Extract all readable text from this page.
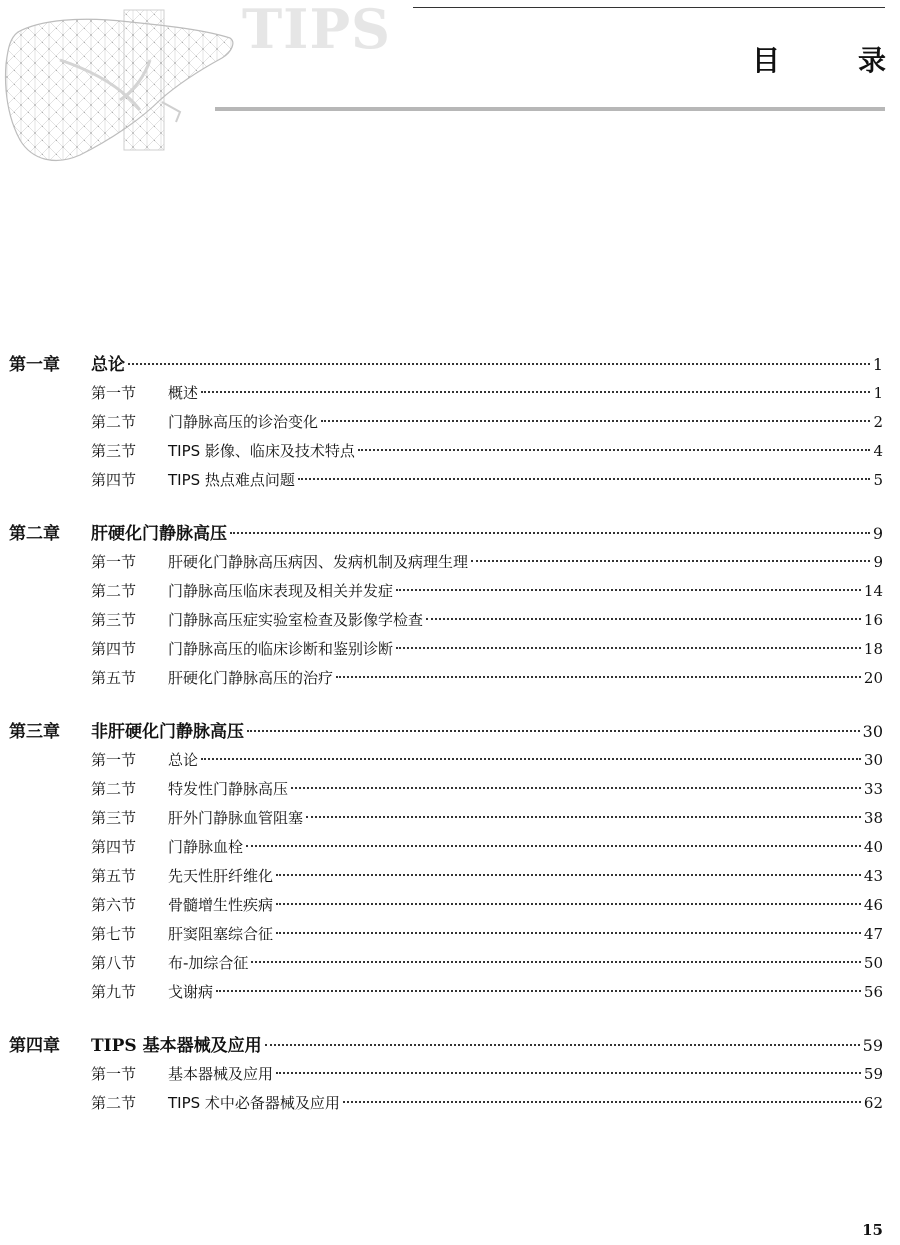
TIPS	目	录
第一章	总论	1
第一节	概述	1
第二节	门静脉高压的诊治变化	2
第三节	TIPS 影像、临床及技术特点	4
第四节	TIPS 热点难点问题	5
第二章	肝硬化门静脉高压	9
第一节	肝硬化门静脉高压病因、发病机制及病理生理	9
第二节	门静脉高压临床表现及相关并发症	14
第三节	门静脉高压症实验室检查及影像学检查	16
第四节	门静脉高压的临床诊断和鉴别诊断	18
第五节	肝硬化门静脉高压的治疗	20
第三章	非肝硬化门静脉高压	30
第一节	总论	30
第二节	特发性门静脉高压	33
第三节	肝外门静脉血管阻塞	38
第四节	门静脉血栓	40
第五节	先天性肝纤维化	43
第六节	骨髓增生性疾病	46
第七节	肝窦阻塞综合征	47
第八节	布-加综合征	50
第九节	戈谢病	56
第四章	TIPS 基本器械及应用	59
第一节	基本器械及应用	59
第二节	TIPS 术中必备器械及应用	62
15
